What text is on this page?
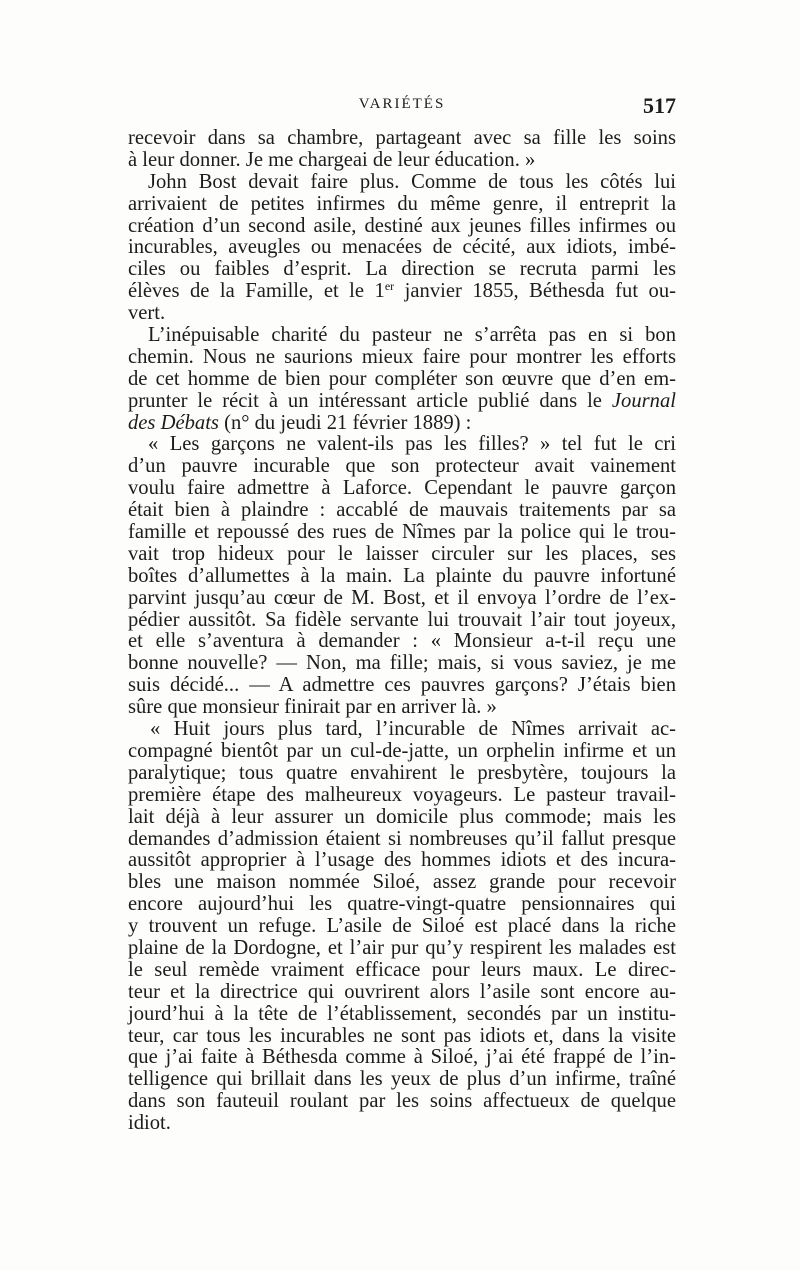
VARIÉTÉS	517
recevoir dans sa chambre, partageant avec sa fille les soins
à leur donner. Je me chargeai de leur éducation. »
John Bost devait faire plus. Comme de tous les côtés lui
arrivaient de petites infirmes du même genre, il entreprit la
création d’un second asile, destiné aux jeunes filles infirmes ou
incurables, aveugles ou menacées de cécité, aux idiots, imbé-
ciles ou faibles d’esprit. La direction se recruta parmi les
élèves de la Famille, et le 1er janvier 1855, Béthesda fut ou-
vert.
L’inépuisable charité du pasteur ne s’arrêta pas en si bon
chemin. Nous ne saurions mieux faire pour montrer les efforts
de cet homme de bien pour compléter son œuvre que d’en em-
prunter le récit à un intéressant article publié dans le Journal
des Débats (n° du jeudi 21 février 1889) :
« Les garçons ne valent-ils pas les filles? » tel fut le cri
d’un pauvre incurable que son protecteur avait vainement
voulu faire admettre à Laforce. Cependant le pauvre garçon
était bien à plaindre : accablé de mauvais traitements par sa
famille et repoussé des rues de Nîmes par la police qui le trou-
vait trop hideux pour le laisser circuler sur les places, ses
boîtes d’allumettes à la main. La plainte du pauvre infortuné
parvint jusqu’au cœur de M. Bost, et il envoya l’ordre de l’ex-
pédier aussitôt. Sa fidèle servante lui trouvait l’air tout joyeux,
et elle s’aventura à demander : « Monsieur a-t-il reçu une
bonne nouvelle? — Non, ma fille; mais, si vous saviez, je me
suis décidé... — A admettre ces pauvres garçons? J’étais bien
sûre que monsieur finirait par en arriver là. »
« Huit jours plus tard, l’incurable de Nîmes arrivait ac-
compagné bientôt par un cul-de-jatte, un orphelin infirme et un
paralytique; tous quatre envahirent le presbytère, toujours la
première étape des malheureux voyageurs. Le pasteur travail-
lait déjà à leur assurer un domicile plus commode; mais les
demandes d’admission étaient si nombreuses qu’il fallut presque
aussitôt approprier à l’usage des hommes idiots et des incura-
bles une maison nommée Siloé, assez grande pour recevoir
encore aujourd’hui les quatre-vingt-quatre pensionnaires qui
y trouvent un refuge. L’asile de Siloé est placé dans la riche
plaine de la Dordogne, et l’air pur qu’y respirent les malades est
le seul remède vraiment efficace pour leurs maux. Le direc-
teur et la directrice qui ouvrirent alors l’asile sont encore au-
jourd’hui à la tête de l’établissement, secondés par un institu-
teur, car tous les incurables ne sont pas idiots et, dans la visite
que j’ai faite à Béthesda comme à Siloé, j’ai été frappé de l’in-
telligence qui brillait dans les yeux de plus d’un infirme, traîné
dans son fauteuil roulant par les soins affectueux de quelque
idiot.
